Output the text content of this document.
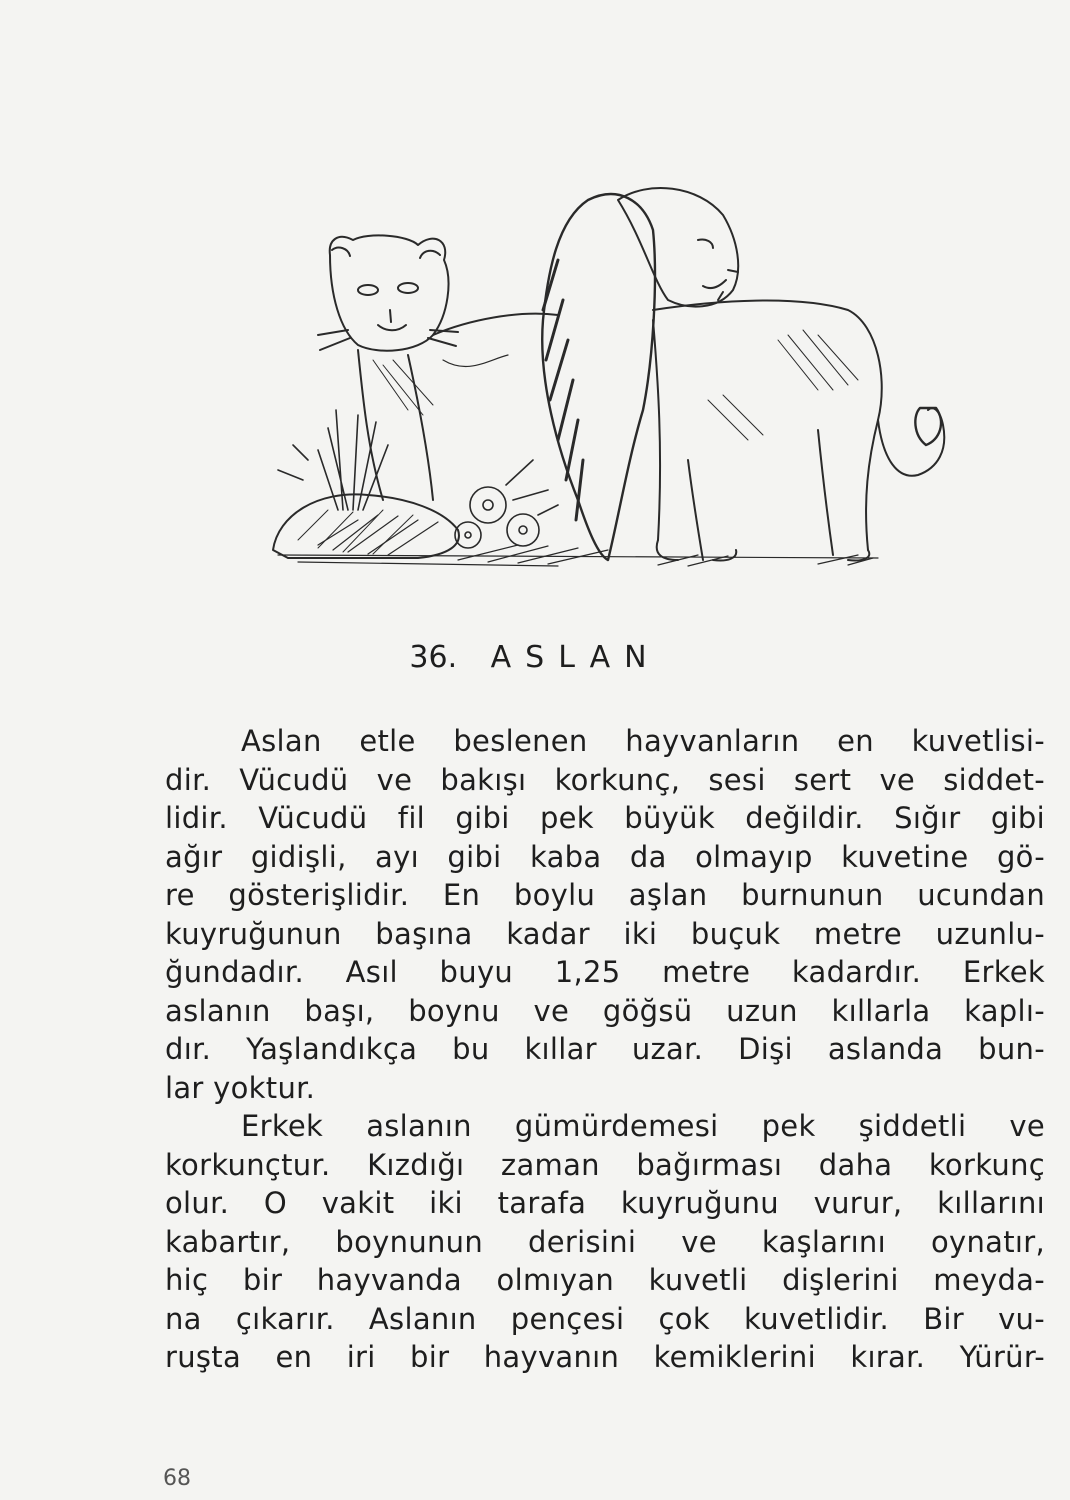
36. ASLAN
Aslan etle beslenen hayvanların en kuvetlisi-
dir. Vücudü ve bakışı korkunç, sesi sert ve siddet-
lidir. Vücudü fil gibi pek büyük değildir. Sığır gibi
ağır gidişli, ayı gibi kaba da olmayıp kuvetine gö-
re gösterişlidir. En boylu aşlan burnunun ucundan
kuyruğunun başına kadar iki buçuk metre uzunlu-
ğundadır. Asıl buyu 1,25 metre kadardır. Erkek
aslanın başı, boynu ve göğsü uzun kıllarla kaplı-
dır. Yaşlandıkça bu kıllar uzar. Dişi aslanda bun-
lar yoktur.
Erkek aslanın gümürdemesi pek şiddetli ve
korkunçtur. Kızdığı zaman bağırması daha korkunç
olur. O vakit iki tarafa kuyruğunu vurur, kıllarını
kabartır, boynunun derisini ve kaşlarını oynatır,
hiç bir hayvanda olmıyan kuvetli dişlerini meyda-
na çıkarır. Aslanın pençesi çok kuvetlidir. Bir vu-
ruşta en iri bir hayvanın kemiklerini kırar. Yürür-
68
